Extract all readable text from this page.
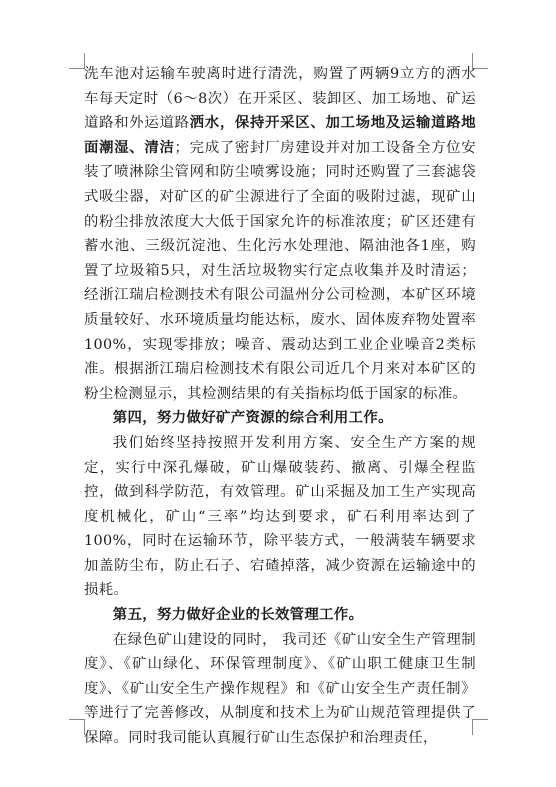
洗车池对运输车驶离时进行清洗，购置了两辆9立方的洒水车每天定时（6～8次）在开采区、装卸区、加工场地、矿运道路和外运道路洒水，保持开采区、加工场地及运输道路地面潮湿、清洁；完成了密封厂房建设并对加工设备全方位安装了喷淋除尘管网和防尘喷雾设施；同时还购置了三套滤袋式吸尘器，对矿区的矿尘源进行了全面的吸附过滤，现矿山的粉尘排放浓度大大低于国家允许的标准浓度；矿区还建有蓄水池、三级沉淀池、生化污水处理池、隔油池各1座，购置了垃圾箱5只，对生活垃圾物实行定点收集并及时清运；经浙江瑞启检测技术有限公司温州分公司检测，本矿区环境质量较好、水环境质量均能达标，废水、固体废弃物处置率100%，实现零排放；噪音、震动达到工业企业噪音2类标准。根据浙江瑞启检测技术有限公司近几个月来对本矿区的粉尘检测显示，其检测结果的有关指标均低于国家的标准。

第四，努力做好矿产资源的综合利用工作。

我们始终坚持按照开发利用方案、安全生产方案的规定，实行中深孔爆破，矿山爆破装药、撤离、引爆全程监控，做到科学防范，有效管理。矿山采掘及加工生产实现高度机械化，矿山“三率”均达到要求，矿石利用率达到了100%，同时在运输环节，除平装方式，一般满装车辆要求加盖防尘布，防止石子、宕碴掉落，减少资源在运输途中的损耗。

第五，努力做好企业的长效管理工作。

在绿色矿山建设的同时， 我司还《矿山安全生产管理制度》、《矿山绿化、环保管理制度》、《矿山职工健康卫生制度》、《矿山安全生产操作规程》和《矿山安全生产责任制》等进行了完善修改，从制度和技术上为矿山规范管理提供了保障。同时我司能认真履行矿山生态保护和治理责任，
